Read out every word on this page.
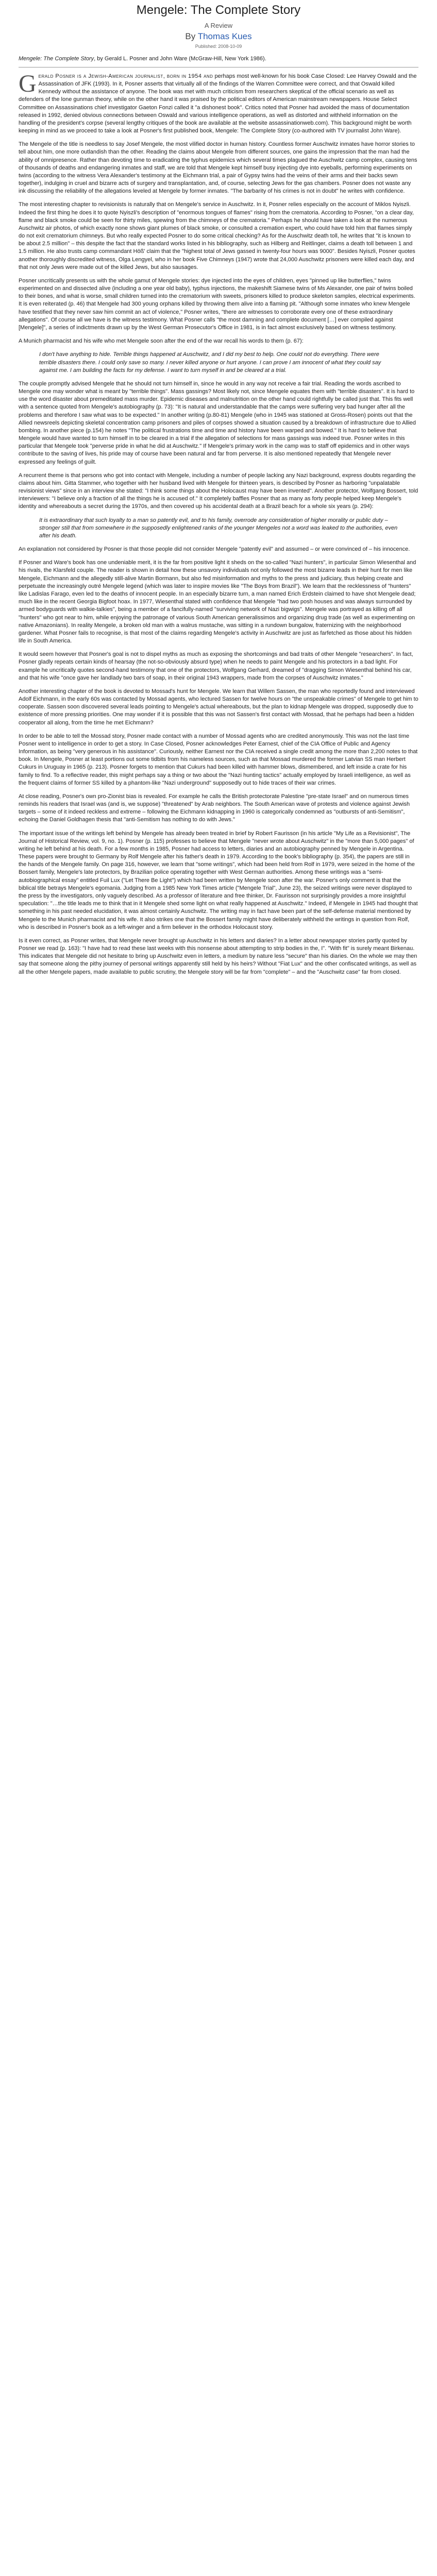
Mengele: The Complete Story
A Review
By Thomas Kues
Published: 2008-10-09

Mengele: The Complete Story, by Gerald L. Posner and John Ware (McGraw-Hill, New York 1986).

Gerald Posner is a Jewish-American journalist, born in 1954 and perhaps most well-known for his book Case Closed: Lee Harvey Oswald and the Assassination of JFK (1993). In it, Posner asserts that virtually all of the findings of the Warren Committee were correct, and that Oswald killed Kennedy without the assistance of anyone. The book was met with much criticism from researchers skeptical of the official scenario as well as defenders of the lone gunman theory, while on the other hand it was praised by the political editors of American mainstream newspapers. House Select Committee on Assassinations chief investigator Gaeton Fonzi called it "a dishonest book". Critics noted that Posner had avoided the mass of documentation released in 1992, denied obvious connections between Oswald and various intelligence operations, as well as distorted and withheld information on the handling of the president's corpse (several lengthy critiques of the book are available at the website assassinationweb.com). This background might be worth keeping in mind as we proceed to take a look at Posner's first published book, Mengele: The Complete Story (co-authored with TV journalist John Ware).

The Mengele of the title is needless to say Josef Mengele, the most vilified doctor in human history. Countless former Auschwitz inmates have horror stories to tell about him, one more outlandish than the other. Reading the claims about Mengele from different sources, one gains the impression that the man had the ability of omnipresence. Rather than devoting time to eradicating the typhus epidemics which several times plagued the Auschwitz camp complex, causing tens of thousands of deaths and endangering inmates and staff, we are told that Mengele kept himself busy injecting dye into eyeballs, performing experiments on twins (according to the witness Vera Alexander's testimony at the Eichmann trial, a pair of Gypsy twins had the veins of their arms and their backs sewn together), indulging in cruel and bizarre acts of surgery and transplantation, and, of course, selecting Jews for the gas chambers. Posner does not waste any ink discussing the reliability of the allegations leveled at Mengele by former inmates. "The barbarity of his crimes is not in doubt" he writes with confidence.

The most interesting chapter to revisionists is naturally that on Mengele's service in Auschwitz. In it, Posner relies especially on the account of Miklos Nyiszli. Indeed the first thing he does it to quote Nyiszli's description of "enormous tongues of flames" rising from the crematoria. According to Posner, "on a clear day, flame and black smoke could be seen for thirty miles, spewing from the chimneys of the crematoria." Perhaps he should have taken a look at the numerous Auschwitz air photos, of which exactly none shows giant plumes of black smoke, or consulted a cremation expert, who could have told him that flames simply do not exit crematorium chimneys. But who really expected Posner to do some critical checking? As for the Auschwitz death toll, he writes that "it is known to be about 2.5 million" – this despite the fact that the standard works listed in his bibliography, such as Hilberg and Reitlinger, claims a death toll between 1 and 1.5 million. He also trusts camp commandant Höß' claim that the "highest total of Jews gassed in twenty-four hours was 9000". Besides Nyiszli, Posner quotes another thoroughly discredited witness, Olga Lengyel, who in her book Five Chimneys (1947) wrote that 24,000 Auschwitz prisoners were killed each day, and that not only Jews were made out of the killed Jews, but also sausages.

Posner uncritically presents us with the whole gamut of Mengele stories: dye injected into the eyes of children, eyes "pinned up like butterflies," twins experimented on and dissected alive (including a one year old baby), typhus injections, the makeshift Siamese twins of Ms Alexander, one pair of twins boiled to their bones, and what is worse, small children turned into the crematorium with sweets, prisoners killed to produce skeleton samples, electrical experiments. It is even reiterated (p. 46) that Mengele had 300 young orphans killed by throwing them alive into a flaming pit. "Although some inmates who knew Mengele have testified that they never saw him commit an act of violence," Posner writes, "there are witnesses to corroborate every one of these extraordinary allegations". Of course all we have is the witness testimony. What Posner calls "the most damning and complete document […] ever compiled against [Mengele]", a series of indictments drawn up by the West German Prosecutor's Office in 1981, is in fact almost exclusively based on witness testimony.

A Munich pharmacist and his wife who met Mengele soon after the end of the war recall his words to them (p. 67):

I don't have anything to hide. Terrible things happened at Auschwitz, and I did my best to help. One could not do everything. There were terrible disasters there. I could only save so many. I never killed anyone or hurt anyone. I can prove I am innocent of what they could say against me. I am building the facts for my defense. I want to turn myself in and be cleared at a trial.

The couple promptly advised Mengele that he should not turn himself in, since he would in any way not receive a fair trial. Reading the words ascribed to Mengele one may wonder what is meant by "terrible things". Mass gassings? Most likely not, since Mengele equates them with "terrible disasters". It is hard to use the word disaster about premeditated mass murder. Epidemic diseases and malnutrition on the other hand could rightfully be called just that. This fits well with a sentence quoted from Mengele's autobiography (p. 73): "It is natural and understandable that the camps were suffering very bad hunger after all the problems and therefore I saw what was to be expected." In another writing (p.80-81) Mengele (who in 1945 was stationed at Gross-Rosen) points out that the Allied newsreels depicting skeletal concentration camp prisoners and piles of corpses showed a situation caused by a breakdown of infrastructure due to Allied bombing. In another piece (p.154) he notes "The political frustrations time and time and history have been warped and bowed." It is hard to believe that Mengele would have wanted to turn himself in to be cleared in a trial if the allegation of selections for mass gassings was indeed true. Posner writes in this particular that Mengele took "perverse pride in what he did at Auschwitz." If Mengele's primary work in the camp was to staff off epidemics and in other ways contribute to the saving of lives, his pride may of course have been natural and far from perverse. It is also mentioned repeatedly that Mengele never expressed any feelings of guilt.

A recurrent theme is that persons who got into contact with Mengele, including a number of people lacking any Nazi background, express doubts regarding the claims about him. Gitta Stammer, who together with her husband lived with Mengele for thirteen years, is described by Posner as harboring "unpalatable revisionist views" since in an interview she stated: "I think some things about the Holocaust may have been invented". Another protector, Wolfgang Bossert, told interviewers: "I believe only a fraction of all the things he is accused of." It completely baffles Posner that as many as forty people helped keep Mengele's identity and whereabouts a secret during the 1970s, and then covered up his accidental death at a Brazil beach for a whole six years (p. 294):

It is extraordinary that such loyalty to a man so patently evil, and to his family, overrode any consideration of higher morality or public duty – stronger still that from somewhere in the supposedly enlightened ranks of the younger Mengeles not a word was leaked to the authorities, even after his death.

An explanation not considered by Posner is that those people did not consider Mengele "patently evil" and assumed – or were convinced of – his innocence.

If Posner and Ware's book has one undeniable merit, it is the far from positive light it sheds on the so-called "Nazi hunters", in particular Simon Wiesenthal and his rivals, the Klarsfeld couple. The reader is shown in detail how these unsavory individuals not only followed the most bizarre leads in their hunt for men like Mengele, Eichmann and the allegedly still-alive Martin Bormann, but also fed misinformation and myths to the press and judiciary, thus helping create and perpetuate the increasingly outré Mengele legend (which was later to inspire movies like "The Boys from Brazil"). We learn that the recklessness of "hunters" like Ladislas Farago, even led to the deaths of innocent people. In an especially bizarre turn, a man named Erich Erdstein claimed to have shot Mengele dead; much like in the recent Georgia Bigfoot hoax. In 1977, Wiesenthal stated with confidence that Mengele "had two posh houses and was always surrounded by armed bodyguards with walkie-talkies", being a member of a fancifully-named "surviving network of Nazi bigwigs". Mengele was portrayed as killing off all "hunters" who got near to him, while enjoying the patronage of various South American generalissimos and organizing drug trade (as well as experimenting on native Amazonians). In reality Mengele, a broken old man with a walrus mustache, was sitting in a rundown bungalow, fraternizing with the neighborhood gardener. What Posner fails to recognise, is that most of the claims regarding Mengele's activity in Auschwitz are just as farfetched as those about his hidden life in South America.

It would seem however that Posner's goal is not to dispel myths as much as exposing the shortcomings and bad traits of other Mengele "researchers". In fact, Posner gladly repeats certain kinds of hearsay (the not-so-obviously absurd type) when he needs to paint Mengele and his protectors in a bad light. For example he uncritically quotes second-hand testimony that one of the protectors, Wolfgang Gerhard, dreamed of "dragging Simon Wiesenthal behind his car, and that his wife "once gave her landlady two bars of soap, in their original 1943 wrappers, made from the corpses of Auschwitz inmates."

Another interesting chapter of the book is devoted to Mossad's hunt for Mengele. We learn that Willem Sassen, the man who reportedly found and interviewed Adolf Eichmann, in the early 60s was contacted by Mossad agents, who lectured Sassen for twelve hours on "the unspeakable crimes" of Mengele to get him to cooperate. Sassen soon discovered several leads pointing to Mengele's actual whereabouts, but the plan to kidnap Mengele was dropped, supposedly due to existence of more pressing priorities. One may wonder if it is possible that this was not Sassen's first contact with Mossad, that he perhaps had been a hidden cooperator all along, from the time he met Eichmann?

In order to be able to tell the Mossad story, Posner made contact with a number of Mossad agents who are credited anonymously. This was not the last time Posner went to intelligence in order to get a story. In Case Closed, Posner acknowledges Peter Earnest, chief of the CIA Office of Public and Agency Information, as being "very generous in his assistance". Curiously, neither Earnest nor the CIA received a single credit among the more than 2,200 notes to that book. In Mengele, Posner at least portions out some tidbits from his nameless sources, such as that Mossad murdered the former Latvian SS man Herbert Cukurs in Uruguay in 1965 (p. 213). Posner forgets to mention that Cukurs had been killed with hammer blows, dismembered, and left inside a crate for his family to find. To a reflective reader, this might perhaps say a thing or two about the "Nazi hunting tactics" actually employed by Israeli intelligence, as well as the frequent claims of former SS killed by a phantom-like "Nazi underground" supposedly out to hide traces of their war crimes.

At close reading, Posner's own pro-Zionist bias is revealed. For example he calls the British protectorate Palestine "pre-state Israel" and on numerous times reminds his readers that Israel was (and is, we suppose) "threatened" by Arab neighbors. The South American wave of protests and violence against Jewish targets – some of it indeed reckless and extreme – following the Eichmann kidnapping in 1960 is categorically condemned as "outbursts of anti-Semitism", echoing the Daniel Goldhagen thesis that "anti-Semitism has nothing to do with Jews."

The important issue of the writings left behind by Mengele has already been treated in brief by Robert Faurisson (in his article "My Life as a Revisionist", The Journal of Historical Review, vol. 9, no. 1). Posner (p. 115) professes to believe that Mengele "never wrote about Auschwitz" in the "more than 5,000 pages" of writing he left behind at his death. For a few months in 1985, Posner had access to letters, diaries and an autobiography penned by Mengele in Argentina. These papers were brought to Germany by Rolf Mengele after his father's death in 1979. According to the book's bibliography (p. 354), the papers are still in the hands of the Mengele family. On page 316, however, we learn that "some writings", which had been held from Rolf in 1979, were seized in the home of the Bossert family, Mengele's late protectors, by Brazilian police operating together with West German authorities. Among these writings was a "semi-autobiographical essay" entitled Fuil Lux ("Let There Be Light") which had been written by Mengele soon after the war. Posner's only comment is that the biblical title betrays Mengele's egomania. Judging from a 1985 New York Times article ("Mengele Trial", June 23), the seized writings were never displayed to the press by the investigators, only vaguely described. As a professor of literature and free thinker, Dr. Faurisson not surprisingly provides a more insightful speculation: "…the title leads me to think that in it Mengele shed some light on what really happened at Auschwitz." Indeed, if Mengele in 1945 had thought that something in his past needed elucidation, it was almost certainly Auschwitz. The writing may in fact have been part of the self-defense material mentioned by Mengele to the Munich pharmacist and his wife. It also strikes one that the Bossert family might have deliberately withheld the writings in question from Rolf, who is described in Posner's book as a left-winger and a firm believer in the orthodox Holocaust story.

Is it even correct, as Posner writes, that Mengele never brought up Auschwitz in his letters and diaries? In a letter about newspaper stories partly quoted by Posner we read (p. 163): "I have had to read these last weeks with this nonsense about attempting to strip bodies in the, I". "With fit" is surely meant Birkenau. This indicates that Mengele did not hesitate to bring up Auschwitz even in letters, a medium by nature less "secure" than his diaries. On the whole we may then say that someone along the pithy journey of personal writings apparently still held by his heirs? Without "Fiat Lux" and the other confiscated writings, as well as all the other Mengele papers, made available to public scrutiny, the Mengele story will be far from "complete" – and the "Auschwitz case" far from closed.
